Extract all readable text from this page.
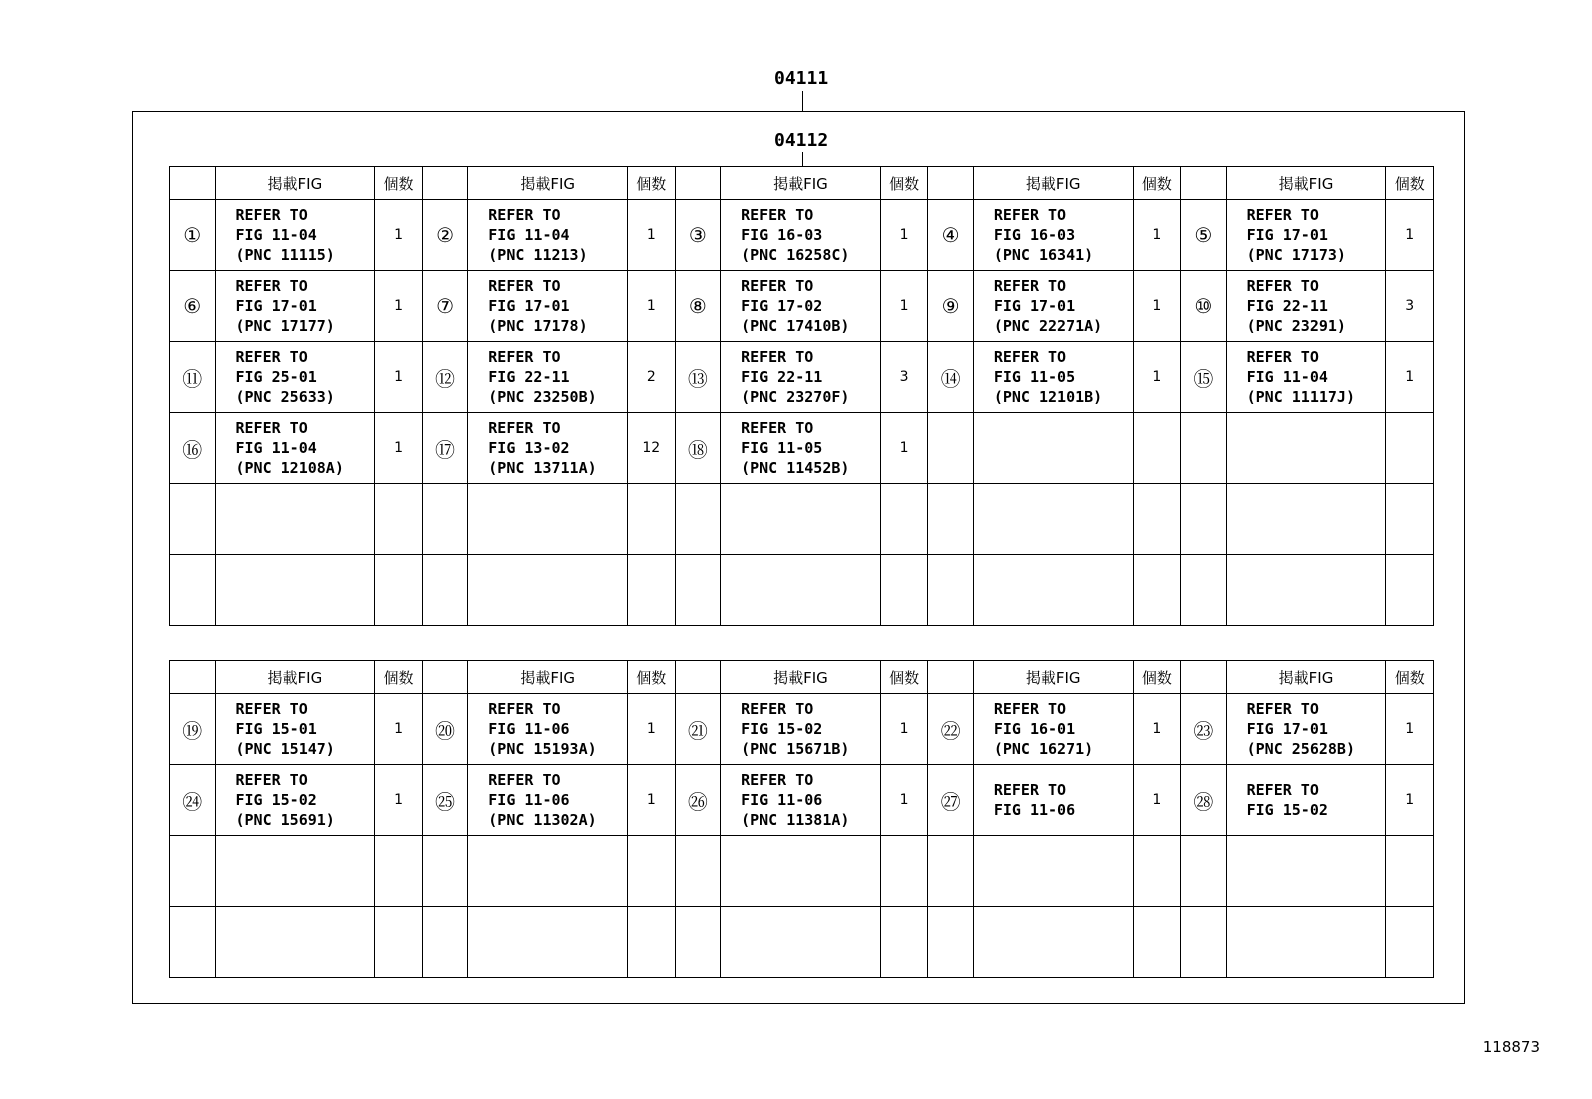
04111
04112
	掲載FIG	個数		掲載FIG	個数		掲載FIG	個数		掲載FIG	個数		掲載FIG	個数
①	REFER TO
FIG 11-04
(PNC 11115)	1	②	REFER TO
FIG 11-04
(PNC 11213)	1	③	REFER TO
FIG 16-03
(PNC 16258C)	1	④	REFER TO
FIG 16-03
(PNC 16341)	1	⑤	REFER TO
FIG 17-01
(PNC 17173)	1
⑥	REFER TO
FIG 17-01
(PNC 17177)	1	⑦	REFER TO
FIG 17-01
(PNC 17178)	1	⑧	REFER TO
FIG 17-02
(PNC 17410B)	1	⑨	REFER TO
FIG 17-01
(PNC 22271A)	1	⑩	REFER TO
FIG 22-11
(PNC 23291)	3
⑪	REFER TO
FIG 25-01
(PNC 25633)	1	⑫	REFER TO
FIG 22-11
(PNC 23250B)	2	⑬	REFER TO
FIG 22-11
(PNC 23270F)	3	⑭	REFER TO
FIG 11-05
(PNC 12101B)	1	⑮	REFER TO
FIG 11-04
(PNC 11117J)	1
⑯	REFER TO
FIG 11-04
(PNC 12108A)	1	⑰	REFER TO
FIG 13-02
(PNC 13711A)	12	⑱	REFER TO
FIG 11-05
(PNC 11452B)	1		

	掲載FIG	個数		掲載FIG	個数		掲載FIG	個数		掲載FIG	個数		掲載FIG	個数
⑲	REFER TO
FIG 15-01
(PNC 15147)	1	⑳	REFER TO
FIG 11-06
(PNC 15193A)	1	㉑	REFER TO
FIG 15-02
(PNC 15671B)	1	㉒	REFER TO
FIG 16-01
(PNC 16271)	1	㉓	REFER TO
FIG 17-01
(PNC 25628B)	1
㉔	REFER TO
FIG 15-02
(PNC 15691)	1	㉕	REFER TO
FIG 11-06
(PNC 11302A)	1	㉖	REFER TO
FIG 11-06
(PNC 11381A)	1	㉗	REFER TO
FIG 11-06	1	㉘	REFER TO
FIG 15-02	1

118873
